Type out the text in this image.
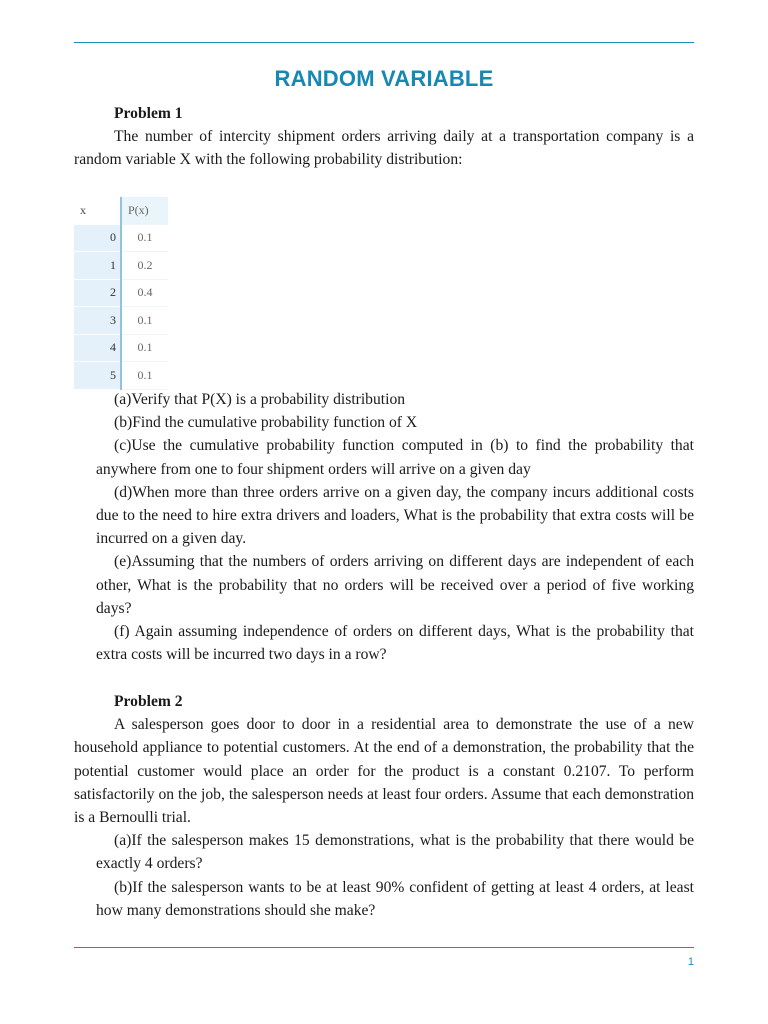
RANDOM VARIABLE
Problem 1
The number of intercity shipment orders arriving daily at a transportation company is a random variable X with the following probability distribution:
x	P(x)
0	0.1
1	0.2
2	0.4
3	0.1
4	0.1
5	0.1
(a)Verify that P(X) is a probability distribution
(b)Find the cumulative probability function of X
(c)Use the cumulative probability function computed in (b) to find the probability that anywhere from one to four shipment orders will arrive on a given day
(d)When more than three orders arrive on a given day, the company incurs additional costs due to the need to hire extra drivers and loaders, What is the probability that extra costs will be incurred on a given day.
(e)Assuming that the numbers of orders arriving on different days are independent of each other, What is the probability that no orders will be received over a period of five working days?
(f) Again assuming independence of orders on different days, What is the probability that extra costs will be incurred two days in a row?
Problem 2
A salesperson goes door to door in a residential area to demonstrate the use of a new household appliance to potential customers. At the end of a demonstration, the probability that the potential customer would place an order for the product is a constant 0.2107. To perform satisfactorily on the job, the salesperson needs at least four orders. Assume that each demonstration is a Bernoulli trial.
(a)If the salesperson makes 15 demonstrations, what is the probability that there would be exactly 4 orders?
(b)If the salesperson wants to be at least 90% confident of getting at least 4 orders, at least how many demonstrations should she make?
1
